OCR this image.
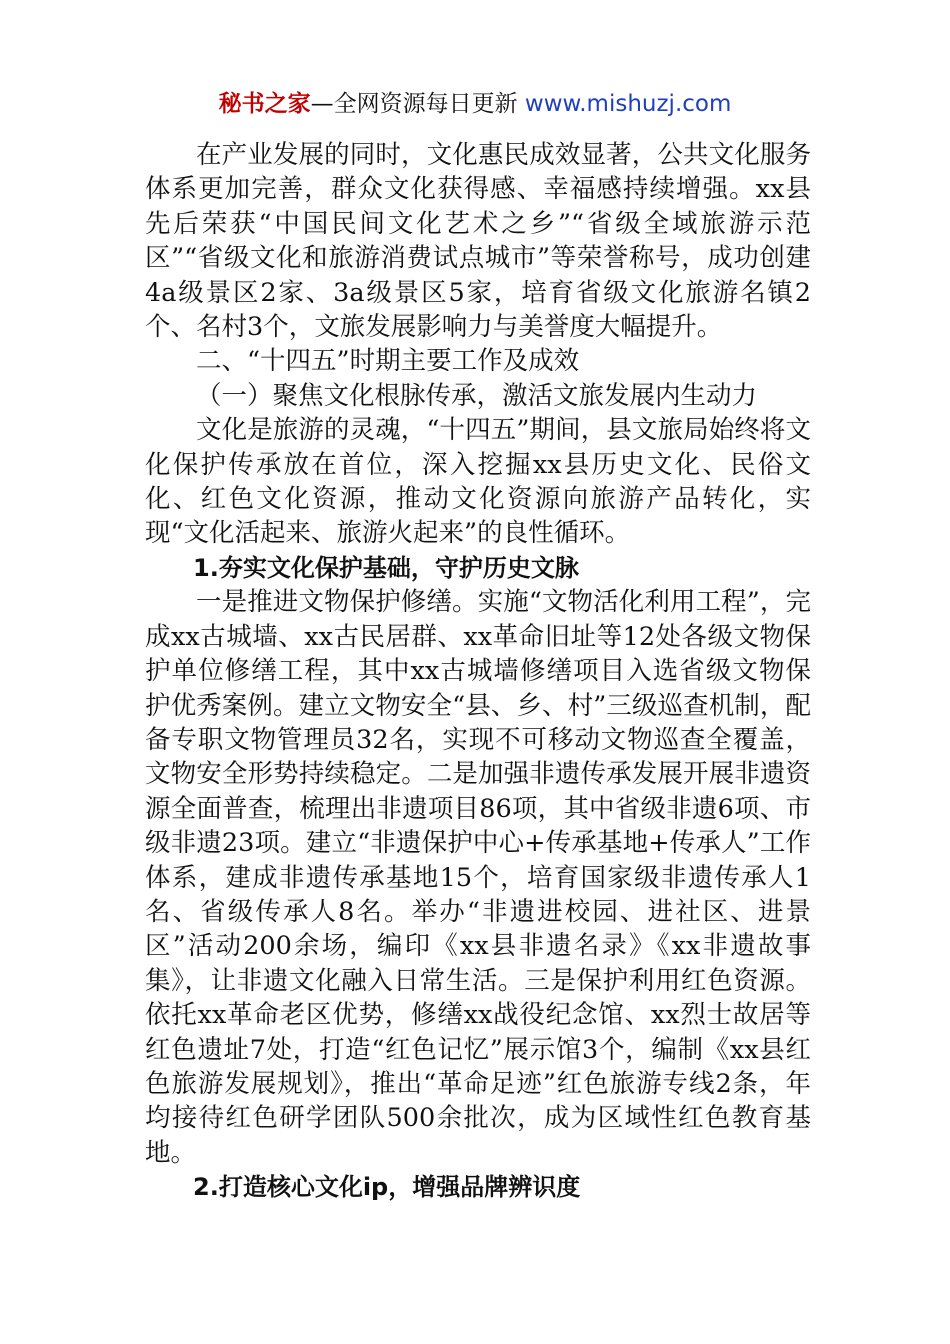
秘书之家—全网资源每日更新 www.mishuzj.com

在产业发展的同时，文化惠民成效显著，公共文化服务体系更加完善，群众文化获得感、幸福感持续增强。xx县先后荣获“中国民间文化艺术之乡”“省级全域旅游示范区”“省级文化和旅游消费试点城市”等荣誉称号，成功创建4a级景区2家、3a级景区5家，培育省级文化旅游名镇2个、名村3个，文旅发展影响力与美誉度大幅提升。

二、“十四五”时期主要工作及成效

（一）聚焦文化根脉传承，激活文旅发展内生动力

文化是旅游的灵魂，“十四五”期间，县文旅局始终将文化保护传承放在首位，深入挖掘xx县历史文化、民俗文化、红色文化资源，推动文化资源向旅游产品转化，实现“文化活起来、旅游火起来”的良性循环。

1.夯实文化保护基础，守护历史文脉

一是推进文物保护修缮。实施“文物活化利用工程”，完成xx古城墙、xx古民居群、xx革命旧址等12处各级文物保护单位修缮工程，其中xx古城墙修缮项目入选省级文物保护优秀案例。建立文物安全“县、乡、村”三级巡查机制，配备专职文物管理员32名，实现不可移动文物巡查全覆盖，文物安全形势持续稳定。二是加强非遗传承发展开展非遗资源全面普查，梳理出非遗项目86项，其中省级非遗6项、市级非遗23项。建立“非遗保护中心+传承基地+传承人”工作体系，建成非遗传承基地15个，培育国家级非遗传承人1名、省级传承人8名。举办“非遗进校园、进社区、进景区”活动200余场，编印《xx县非遗名录》《xx非遗故事集》，让非遗文化融入日常生活。三是保护利用红色资源。依托xx革命老区优势，修缮xx战役纪念馆、xx烈士故居等红色遗址7处，打造“红色记忆”展示馆3个，编制《xx县红色旅游发展规划》，推出“革命足迹”红色旅游专线2条，年均接待红色研学团队500余批次，成为区域性红色教育基地。

2.打造核心文化ip，增强品牌辨识度
